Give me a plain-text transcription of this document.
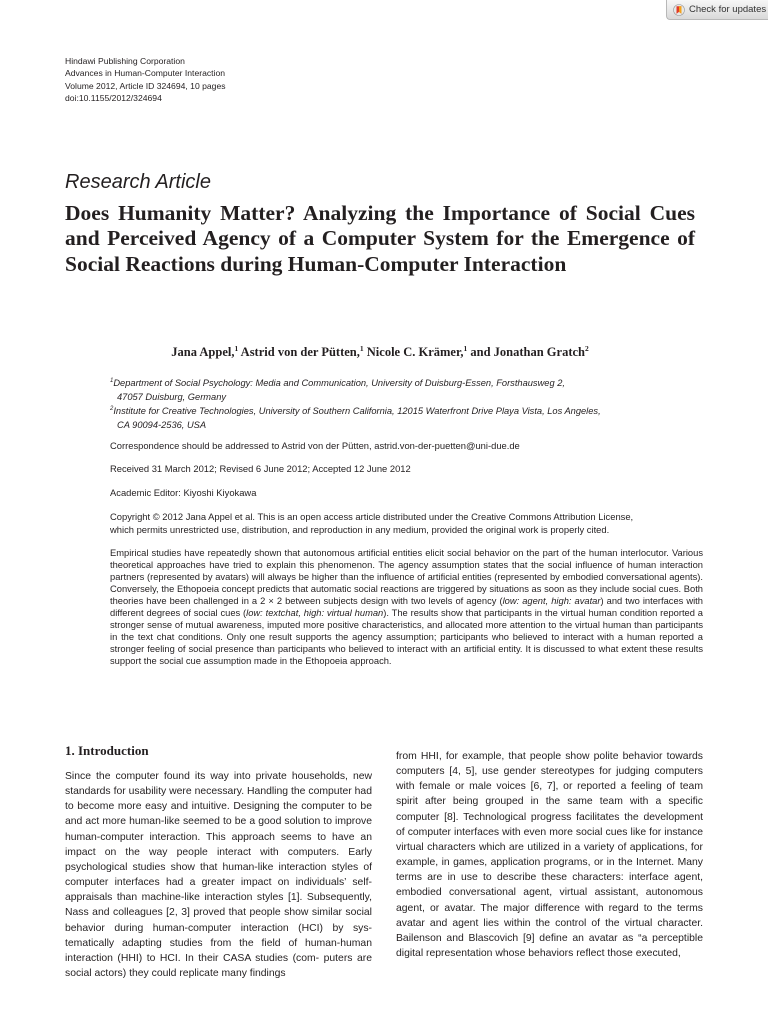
Check for updates
Hindawi Publishing Corporation
Advances in Human-Computer Interaction
Volume 2012, Article ID 324694, 10 pages
doi:10.1155/2012/324694
Research Article
Does Humanity Matter? Analyzing the Importance of Social Cues and Perceived Agency of a Computer System for the Emergence of Social Reactions during Human-Computer Interaction
Jana Appel,$^1$ Astrid von der Pütten,$^1$ Nicole C. Krämer,$^1$ and Jonathan Gratch$^2$
$^1$Department of Social Psychology: Media and Communication, University of Duisburg-Essen, Forsthausweg 2,
47057 Duisburg, Germany
$^2$Institute for Creative Technologies, University of Southern California, 12015 Waterfront Drive Playa Vista, Los Angeles,
CA 90094-2536, USA
Correspondence should be addressed to Astrid von der Pütten, astrid.von-der-puetten@uni-due.de
Received 31 March 2012; Revised 6 June 2012; Accepted 12 June 2012
Academic Editor: Kiyoshi Kiyokawa
Copyright © 2012 Jana Appel et al. This is an open access article distributed under the Creative Commons Attribution License,
which permits unrestricted use, distribution, and reproduction in any medium, provided the original work is properly cited.
Empirical studies have repeatedly shown that autonomous artificial entities elicit social behavior on the part of the human interlocutor. Various theoretical approaches have tried to explain this phenomenon. The agency assumption states that the social influence of human interaction partners (represented by avatars) will always be higher than the influence of artificial entities (represented by embodied conversational agents). Conversely, the Ethopoeia concept predicts that automatic social reactions are triggered by situations as soon as they include social cues. Both theories have been challenged in a 2 × 2 between subjects design with two levels of agency (low: agent, high: avatar) and two interfaces with different degrees of social cues (low: textchat, high: virtual human). The results show that participants in the virtual human condition reported a stronger sense of mutual awareness, imputed more positive characteristics, and allocated more attention to the virtual human than participants in the text chat conditions. Only one result supports the agency assumption; participants who believed to interact with a human reported a stronger feeling of social presence than participants who believed to interact with an artificial entity. It is discussed to what extent these results support the social cue assumption made in the Ethopoeia approach.
1. Introduction
Since the computer found its way into private households, new standards for usability were necessary. Handling the computer had to become more easy and intuitive. Designing the computer to be and act more human-like seemed to be a good solution to improve human-computer interaction. This approach seems to have an impact on the way people interact with computers. Early psychological studies show that human-like interaction styles of computer interfaces had a greater impact on individuals’ self-appraisals than machine-like interaction styles [1]. Subsequently, Nass and colleagues [2, 3] proved that people show similar social behavior during human-computer interaction (HCI) by sys- tematically adapting studies from the field of human-human interaction (HHI) to HCI. In their CASA studies (com- puters are social actors) they could replicate many findings
from HHI, for example, that people show polite behavior towards computers [4, 5], use gender stereotypes for judging computers with female or male voices [6, 7], or reported a feeling of team spirit after being grouped in the same team with a specific computer [8]. Technological progress facilitates the development of computer interfaces with even more social cues like for instance virtual characters which are utilized in a variety of applications, for example, in games, application programs, or in the Internet. Many terms are in use to describe these characters: interface agent, embodied conversational agent, virtual assistant, autonomous agent, or avatar. The major difference with regard to the terms avatar and agent lies within the control of the virtual character. Bailenson and Blascovich [9] define an avatar as “a perceptible digital representation whose behaviors reflect those executed,
